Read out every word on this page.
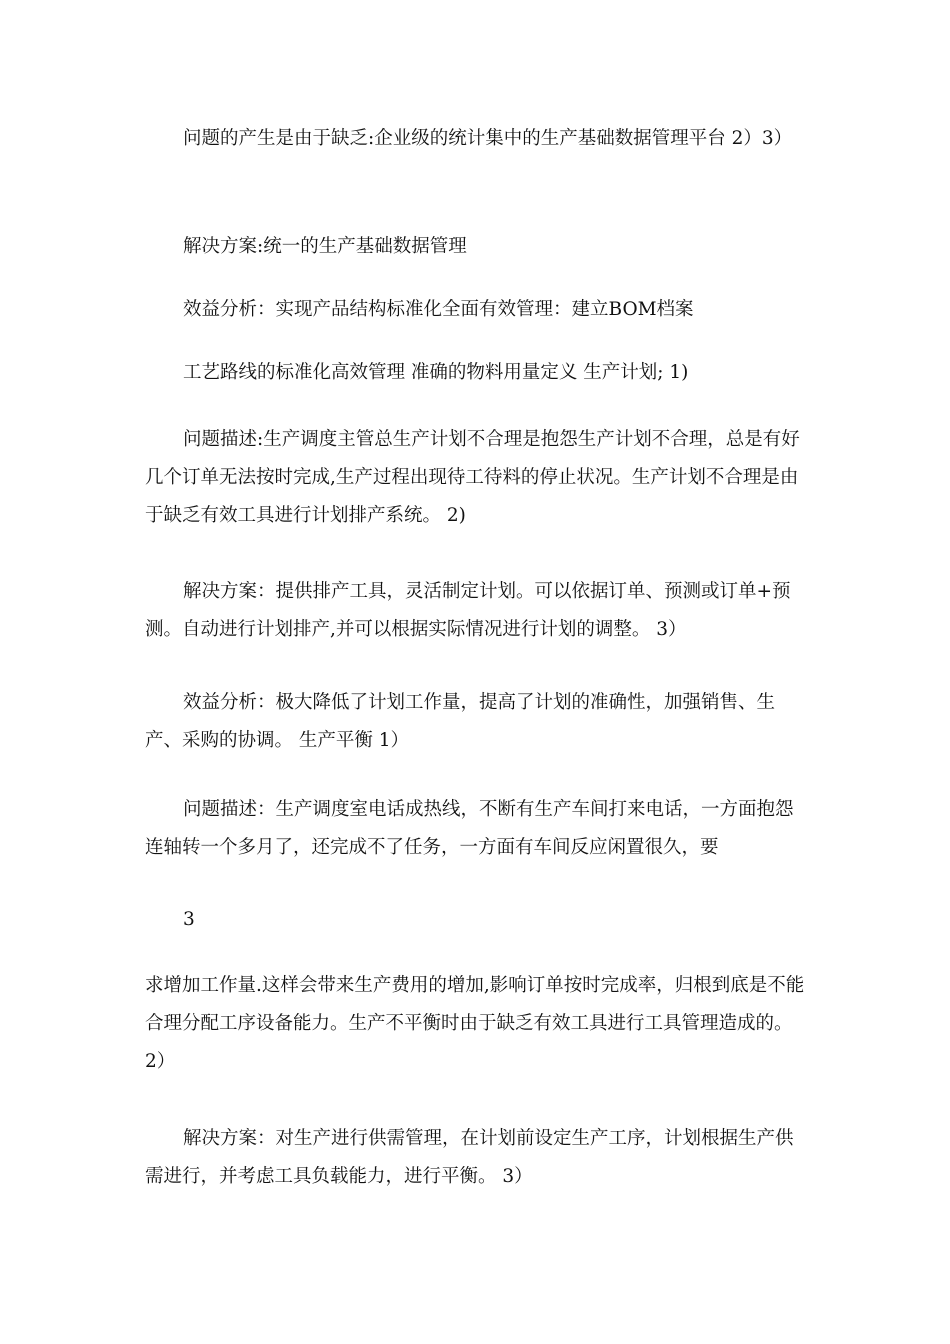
问题的产生是由于缺乏:企业级的统计集中的生产基础数据管理平台 2）3）

解决方案:统一的生产基础数据管理

效益分析：实现产品结构标准化全面有效管理：建立BOM档案

工艺路线的标准化高效管理 准确的物料用量定义 生产计划; 1)

问题描述:生产调度主管总生产计划不合理是抱怨生产计划不合理，总是有好几个订单无法按时完成,生产过程出现待工待料的停止状况。生产计划不合理是由于缺乏有效工具进行计划排产系统。 2)

解决方案：提供排产工具，灵活制定计划。可以依据订单、预测或订单+预测。自动进行计划排产,并可以根据实际情况进行计划的调整。 3）

效益分析：极大降低了计划工作量，提高了计划的准确性，加强销售、生产、采购的协调。 生产平衡 1）

问题描述：生产调度室电话成热线，不断有生产车间打来电话，一方面抱怨连轴转一个多月了，还完成不了任务，一方面有车间反应闲置很久，要

3

求增加工作量.这样会带来生产费用的增加,影响订单按时完成率，归根到底是不能合理分配工序设备能力。生产不平衡时由于缺乏有效工具进行工具管理造成的。 2）

解决方案：对生产进行供需管理，在计划前设定生产工序，计划根据生产供需进行，并考虑工具负载能力，进行平衡。 3）
